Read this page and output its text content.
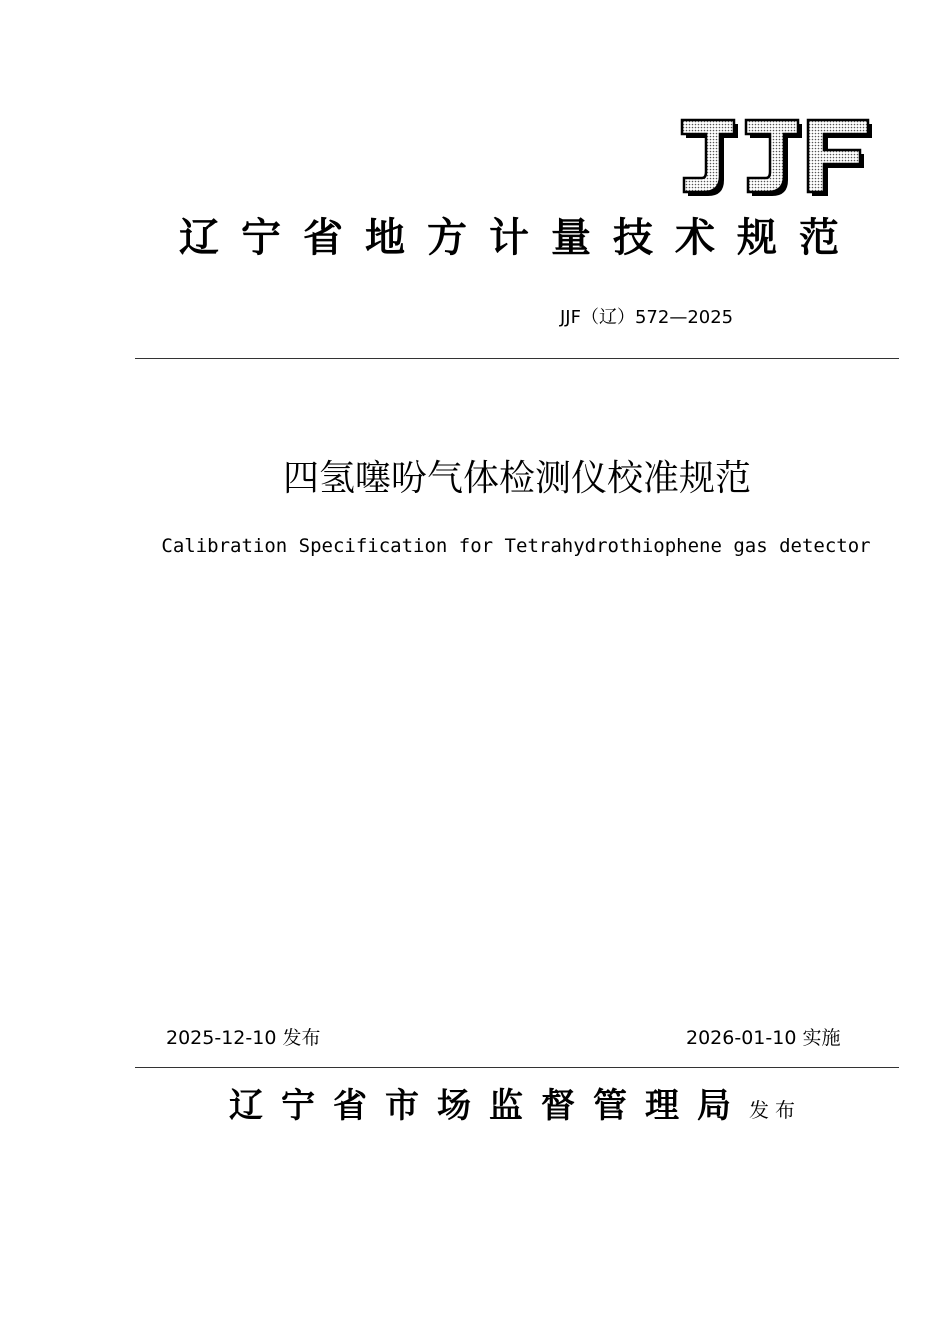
辽宁省地方计量技术规范
JJF（辽）572—2025
四氢噻吩气体检测仪校准规范
Calibration Specification for Tetrahydrothiophene gas detector
2025-12-10 发布	2026-01-10 实施
辽宁省市场监督管理局发布
